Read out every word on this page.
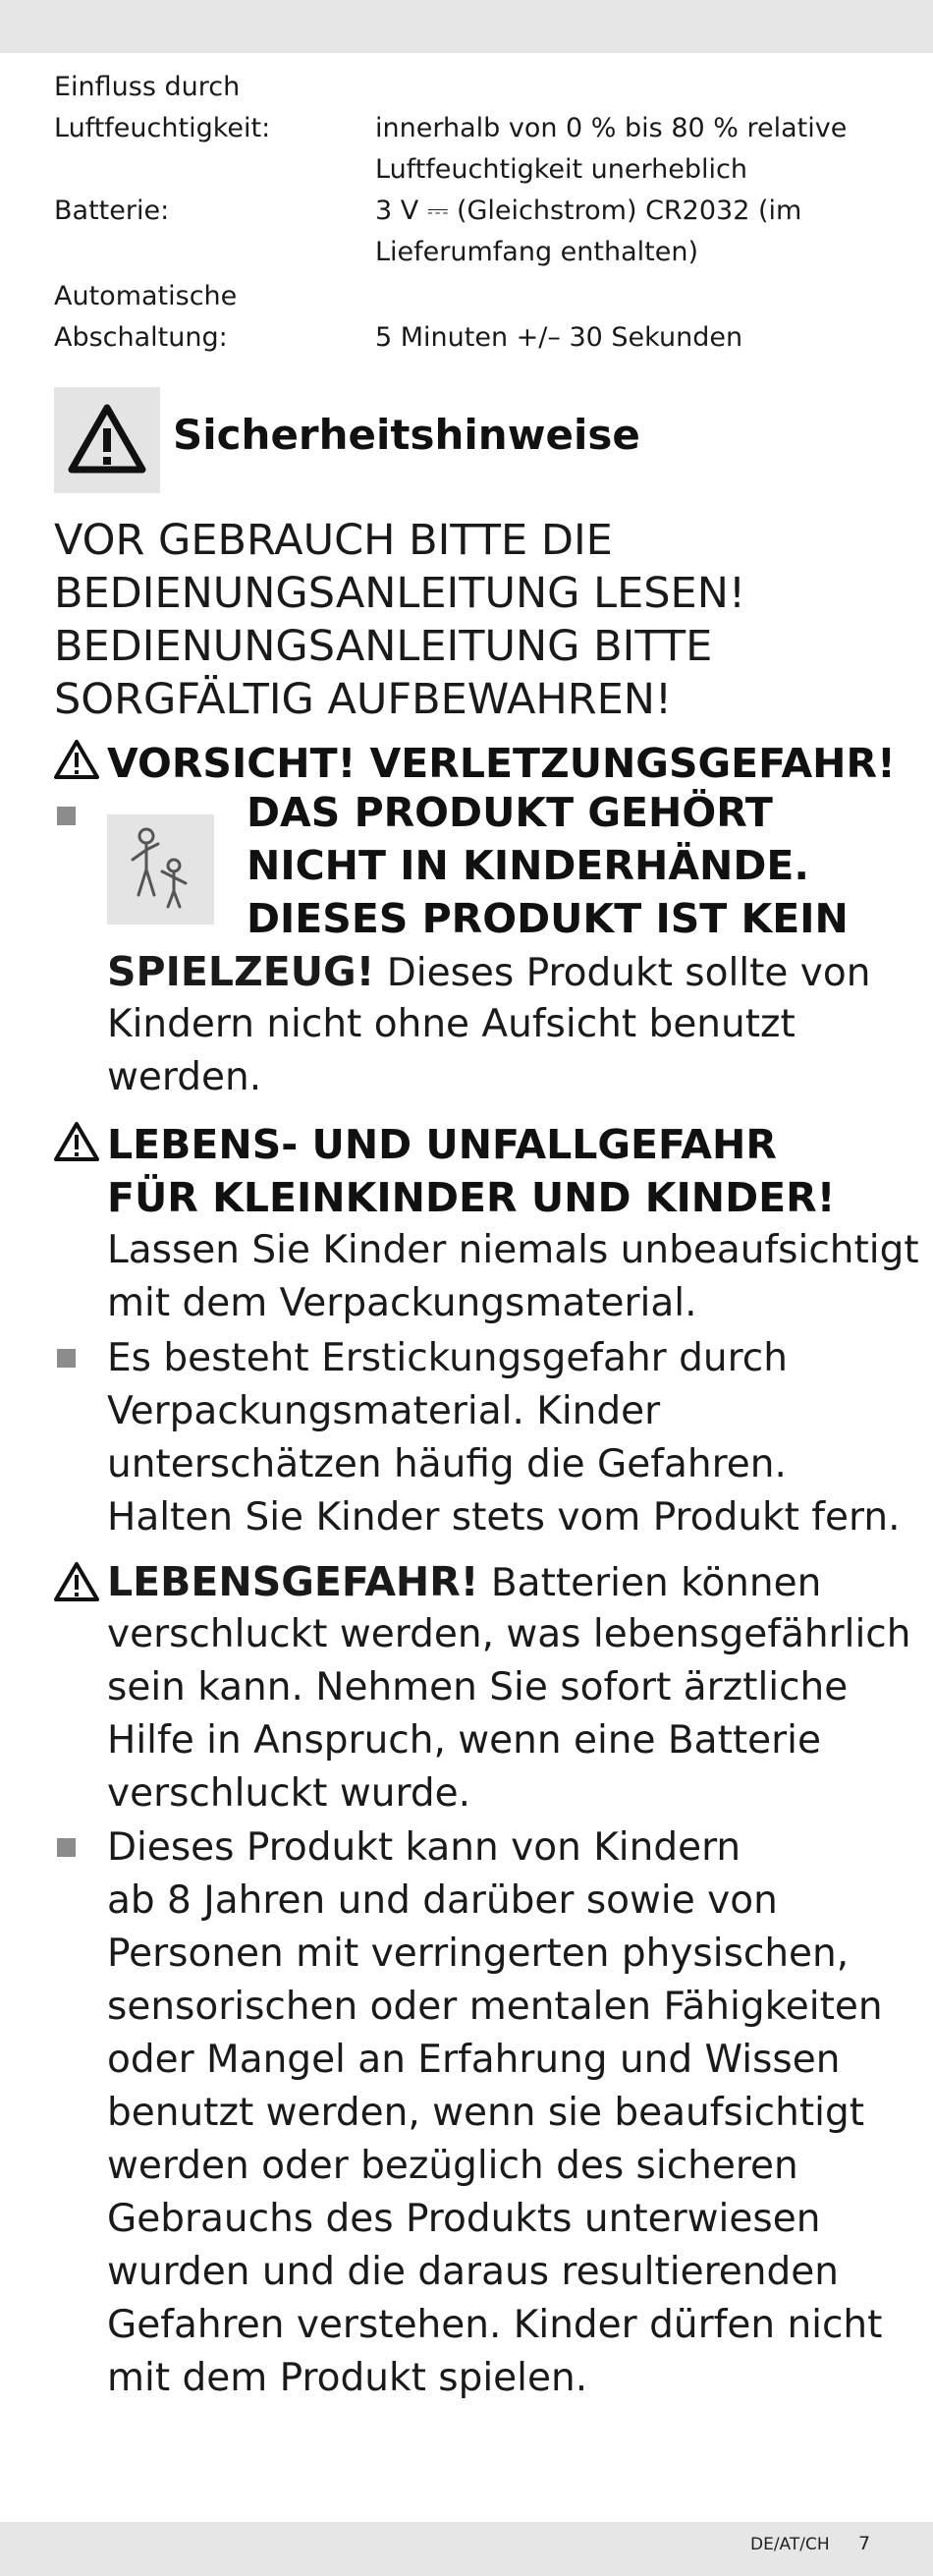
Einfluss durch
Luftfeuchtigkeit:	innerhalb von 0 % bis 80 % relative
Luftfeuchtigkeit unerheblich
Batterie:	3 V ⎓ (Gleichstrom) CR2032 (im
Lieferumfang enthalten)
Automatische
Abschaltung:	5 Minuten +/– 30 Sekunden
Sicherheitshinweise
VOR GEBRAUCH BITTE DIE
BEDIENUNGSANLEITUNG LESEN!
BEDIENUNGSANLEITUNG BITTE
SORGFÄLTIG AUFBEWAHREN!
VORSICHT! VERLETZUNGSGEFAHR!
DAS PRODUKT GEHÖRT
NICHT IN KINDERHÄNDE.
DIESES PRODUKT IST KEIN
SPIELZEUG! Dieses Produkt sollte von
Kindern nicht ohne Aufsicht benutzt
werden.
LEBENS- UND UNFALLGEFAHR
FÜR KLEINKINDER UND KINDER!
Lassen Sie Kinder niemals unbeaufsichtigt
mit dem Verpackungsmaterial.
Es besteht Erstickungsgefahr durch
Verpackungsmaterial. Kinder
unterschätzen häufig die Gefahren.
Halten Sie Kinder stets vom Produkt fern.
LEBENSGEFAHR! Batterien können
verschluckt werden, was lebensgefährlich
sein kann. Nehmen Sie sofort ärztliche
Hilfe in Anspruch, wenn eine Batterie
verschluckt wurde.
Dieses Produkt kann von Kindern
ab 8 Jahren und darüber sowie von
Personen mit verringerten physischen,
sensorischen oder mentalen Fähigkeiten
oder Mangel an Erfahrung und Wissen
benutzt werden, wenn sie beaufsichtigt
werden oder bezüglich des sicheren
Gebrauchs des Produkts unterwiesen
wurden und die daraus resultierenden
Gefahren verstehen. Kinder dürfen nicht
mit dem Produkt spielen.
DE/AT/CH 7
